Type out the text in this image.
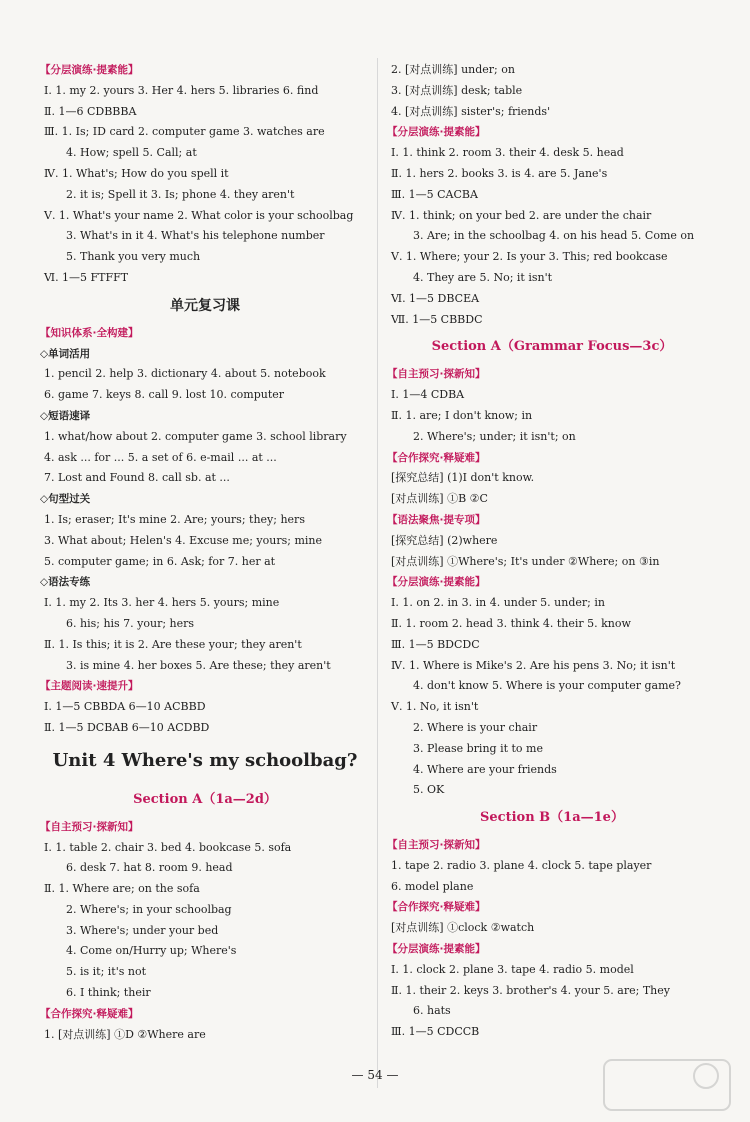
【分层演练·提素能】
Ⅰ. 1. my 2. yours 3. Her 4. hers 5. libraries 6. find
Ⅱ. 1—6 CDBBBA
Ⅲ. 1. Is; ID card 2. computer game 3. watches are
4. How; spell 5. Call; at
Ⅳ. 1. What's; How do you spell it
2. it is; Spell it 3. Is; phone 4. they aren't
Ⅴ. 1. What's your name 2. What color is your schoolbag
3. What's in it 4. What's his telephone number
5. Thank you very much
Ⅵ. 1—5 FTFFT
单元复习课
【知识体系·全构建】
◇单词活用
1. pencil 2. help 3. dictionary 4. about 5. notebook
6. game 7. keys 8. call 9. lost 10. computer
◇短语速译
1. what/how about 2. computer game 3. school library
4. ask ... for ... 5. a set of 6. e-mail ... at ...
7. Lost and Found 8. call sb. at ...
◇句型过关
1. Is; eraser; It's mine 2. Are; yours; they; hers
3. What about; Helen's 4. Excuse me; yours; mine
5. computer game; in 6. Ask; for 7. her at
◇语法专练
Ⅰ. 1. my 2. Its 3. her 4. hers 5. yours; mine
6. his; his 7. your; hers
Ⅱ. 1. Is this; it is 2. Are these your; they aren't
3. is mine 4. her boxes 5. Are these; they aren't
【主题阅读·速提升】
Ⅰ. 1—5 CBBDA 6—10 ACBBD
Ⅱ. 1—5 DCBAB 6—10 ACDBD
Unit 4 Where's my schoolbag?
Section A（1a—2d）
【自主预习·探新知】
Ⅰ. 1. table 2. chair 3. bed 4. bookcase 5. sofa
6. desk 7. hat 8. room 9. head
Ⅱ. 1. Where are; on the sofa
2. Where's; in your schoolbag
3. Where's; under your bed
4. Come on/Hurry up; Where's
5. is it; it's not
6. I think; their
【合作探究·释疑难】
1. [对点训练] ①D ②Where are
2. [对点训练] under; on
3. [对点训练] desk; table
4. [对点训练] sister's; friends'
【分层演练·提素能】
Ⅰ. 1. think 2. room 3. their 4. desk 5. head
Ⅱ. 1. hers 2. books 3. is 4. are 5. Jane's
Ⅲ. 1—5 CACBA
Ⅳ. 1. think; on your bed 2. are under the chair
3. Are; in the schoolbag 4. on his head 5. Come on
Ⅴ. 1. Where; your 2. Is your 3. This; red bookcase
4. They are 5. No; it isn't
Ⅵ. 1—5 DBCEA
Ⅶ. 1—5 CBBDC
Section A（Grammar Focus—3c）
【自主预习·探新知】
Ⅰ. 1—4 CDBA
Ⅱ. 1. are; I don't know; in
2. Where's; under; it isn't; on
【合作探究·释疑难】
[探究总结] (1)I don't know.
[对点训练] ①B ②C
【语法聚焦·提专项】
[探究总结] (2)where
[对点训练] ①Where's; It's under ②Where; on ③in
【分层演练·提素能】
Ⅰ. 1. on 2. in 3. in 4. under 5. under; in
Ⅱ. 1. room 2. head 3. think 4. their 5. know
Ⅲ. 1—5 BDCDC
Ⅳ. 1. Where is Mike's 2. Are his pens 3. No; it isn't
4. don't know 5. Where is your computer game?
Ⅴ. 1. No, it isn't
2. Where is your chair
3. Please bring it to me
4. Where are your friends
5. OK
Section B（1a—1e）
【自主预习·探新知】
1. tape 2. radio 3. plane 4. clock 5. tape player
6. model plane
【合作探究·释疑难】
[对点训练] ①clock ②watch
【分层演练·提素能】
Ⅰ. 1. clock 2. plane 3. tape 4. radio 5. model
Ⅱ. 1. their 2. keys 3. brother's 4. your 5. are; They
6. hats
Ⅲ. 1—5 CDCCB
— 54 —
